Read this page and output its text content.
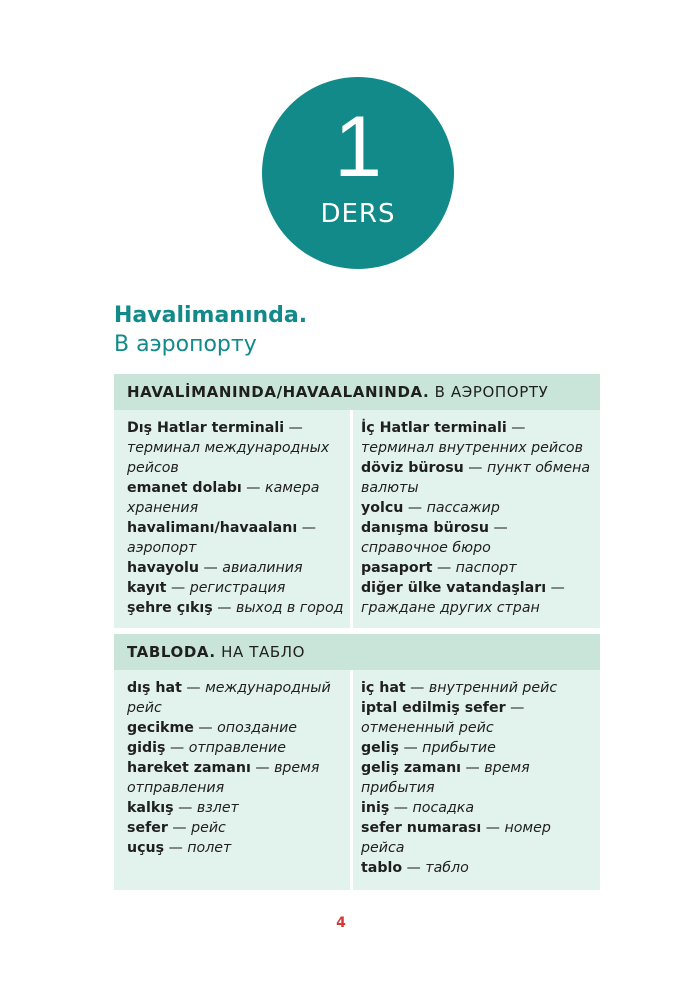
1
DERS
Havalimanında.
В аэропорту
HAVALİMANINDA/HAVAALANINDA. В АЭРОПОРТУ
Dış Hatlar terminali — терминал международных рейсов
emanet dolabı — камера хранения
havalimanı/havaalanı — аэропорт
havayolu — авиалиния
kayıt — регистрация
şehre çıkış — выход в город
İç Hatlar terminali — терминал внутренних рейсов
döviz bürosu — пункт обмена валюты
yolcu — пассажир
danışma bürosu — справочное бюро
pasaport — паспорт
diğer ülke vatandaşları — граждане других стран
TABLODA. НА ТАБЛО
dış hat — международный рейс
gecikme — опоздание
gidiş — отправление
hareket zamanı — время отправления
kalkış — взлет
sefer — рейс
uçuş — полет
iç hat — внутренний рейс
iptal edilmiş sefer — отмененный рейс
geliş — прибытие
geliş zamanı — время прибытия
iniş — посадка
sefer numarası — номер рейса
tablo — табло
4
